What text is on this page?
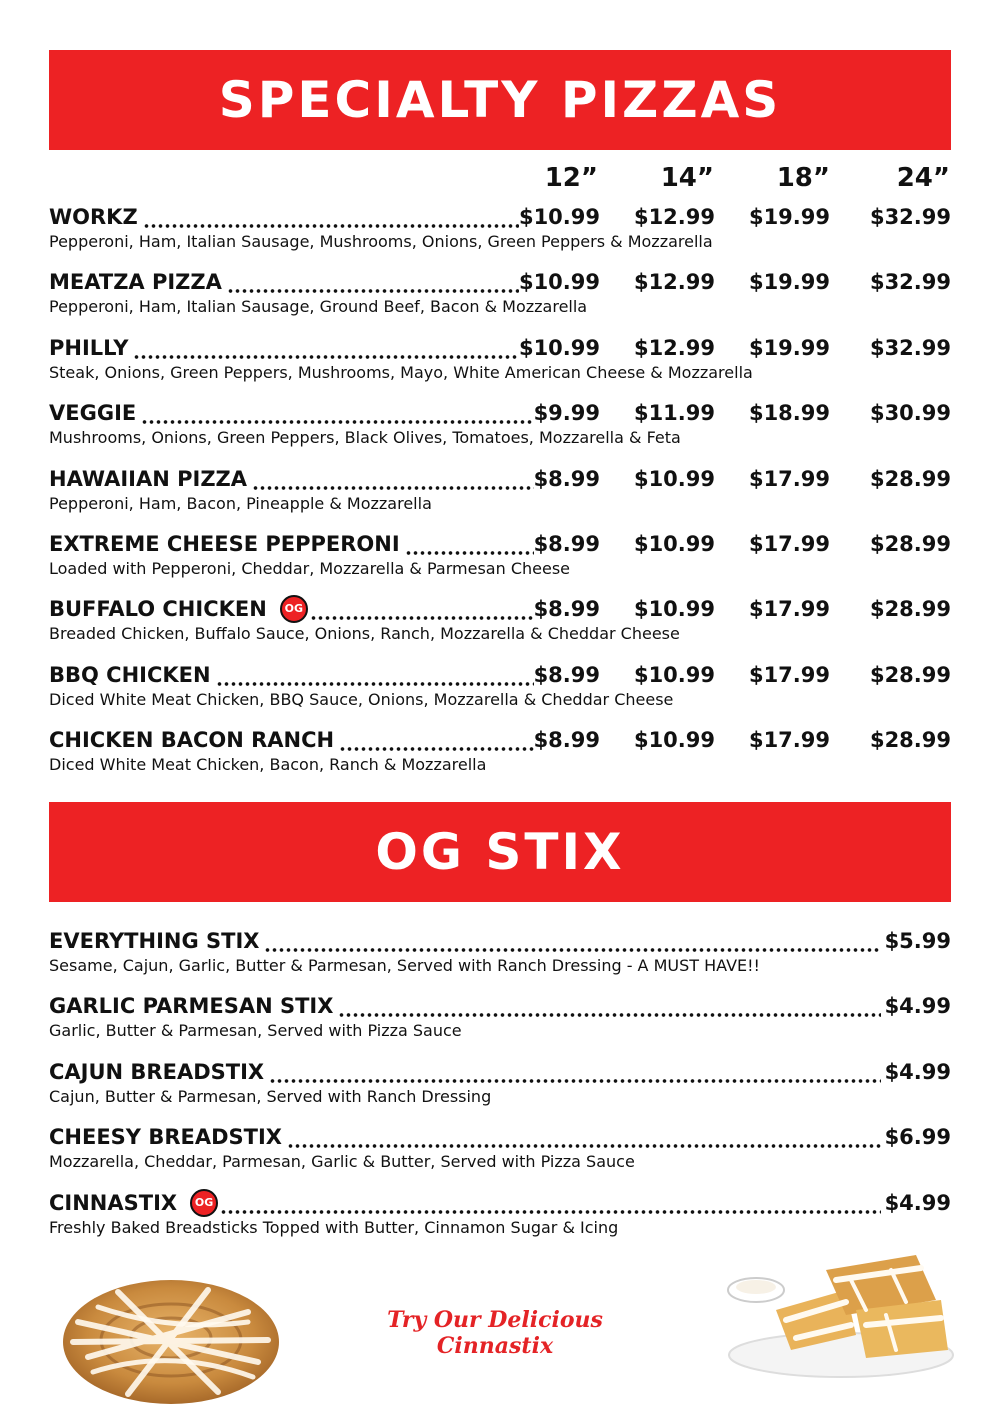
SPECIALTY PIZZAS
12”	14”	18”	24”
WORKZ	$10.99	$12.99	$19.99	$32.99
Pepperoni, Ham, Italian Sausage, Mushrooms, Onions, Green Peppers & Mozzarella
MEATZA PIZZA	$10.99	$12.99	$19.99	$32.99
Pepperoni, Ham, Italian Sausage, Ground Beef, Bacon & Mozzarella
PHILLY	$10.99	$12.99	$19.99	$32.99
Steak, Onions, Green Peppers, Mushrooms, Mayo, White American Cheese & Mozzarella
VEGGIE	$9.99	$11.99	$18.99	$30.99
Mushrooms, Onions, Green Peppers, Black Olives, Tomatoes, Mozzarella & Feta
HAWAIIAN PIZZA	$8.99	$10.99	$17.99	$28.99
Pepperoni, Ham, Bacon, Pineapple & Mozzarella
EXTREME CHEESE PEPPERONI	$8.99	$10.99	$17.99	$28.99
Loaded with Pepperoni, Cheddar, Mozzarella & Parmesan Cheese
BUFFALO CHICKEN	OG	$8.99	$10.99	$17.99	$28.99
Breaded Chicken, Buffalo Sauce, Onions, Ranch, Mozzarella & Cheddar Cheese
BBQ CHICKEN	$8.99	$10.99	$17.99	$28.99
Diced White Meat Chicken, BBQ Sauce, Onions, Mozzarella & Cheddar Cheese
CHICKEN BACON RANCH	$8.99	$10.99	$17.99	$28.99
Diced White Meat Chicken, Bacon, Ranch & Mozzarella
OG STIX
EVERYTHING STIX	$5.99
Sesame, Cajun, Garlic, Butter & Parmesan, Served with Ranch Dressing - A MUST HAVE!!
GARLIC PARMESAN STIX	$4.99
Garlic, Butter & Parmesan, Served with Pizza Sauce
CAJUN BREADSTIX	$4.99
Cajun, Butter & Parmesan, Served with Ranch Dressing
CHEESY BREADSTIX	$6.99
Mozzarella, Cheddar, Parmesan, Garlic & Butter, Served with Pizza Sauce
CINNASTIX	OG	$4.99
Freshly Baked Breadsticks Topped with Butter, Cinnamon Sugar & Icing
Try Our Delicious Cinnastix
